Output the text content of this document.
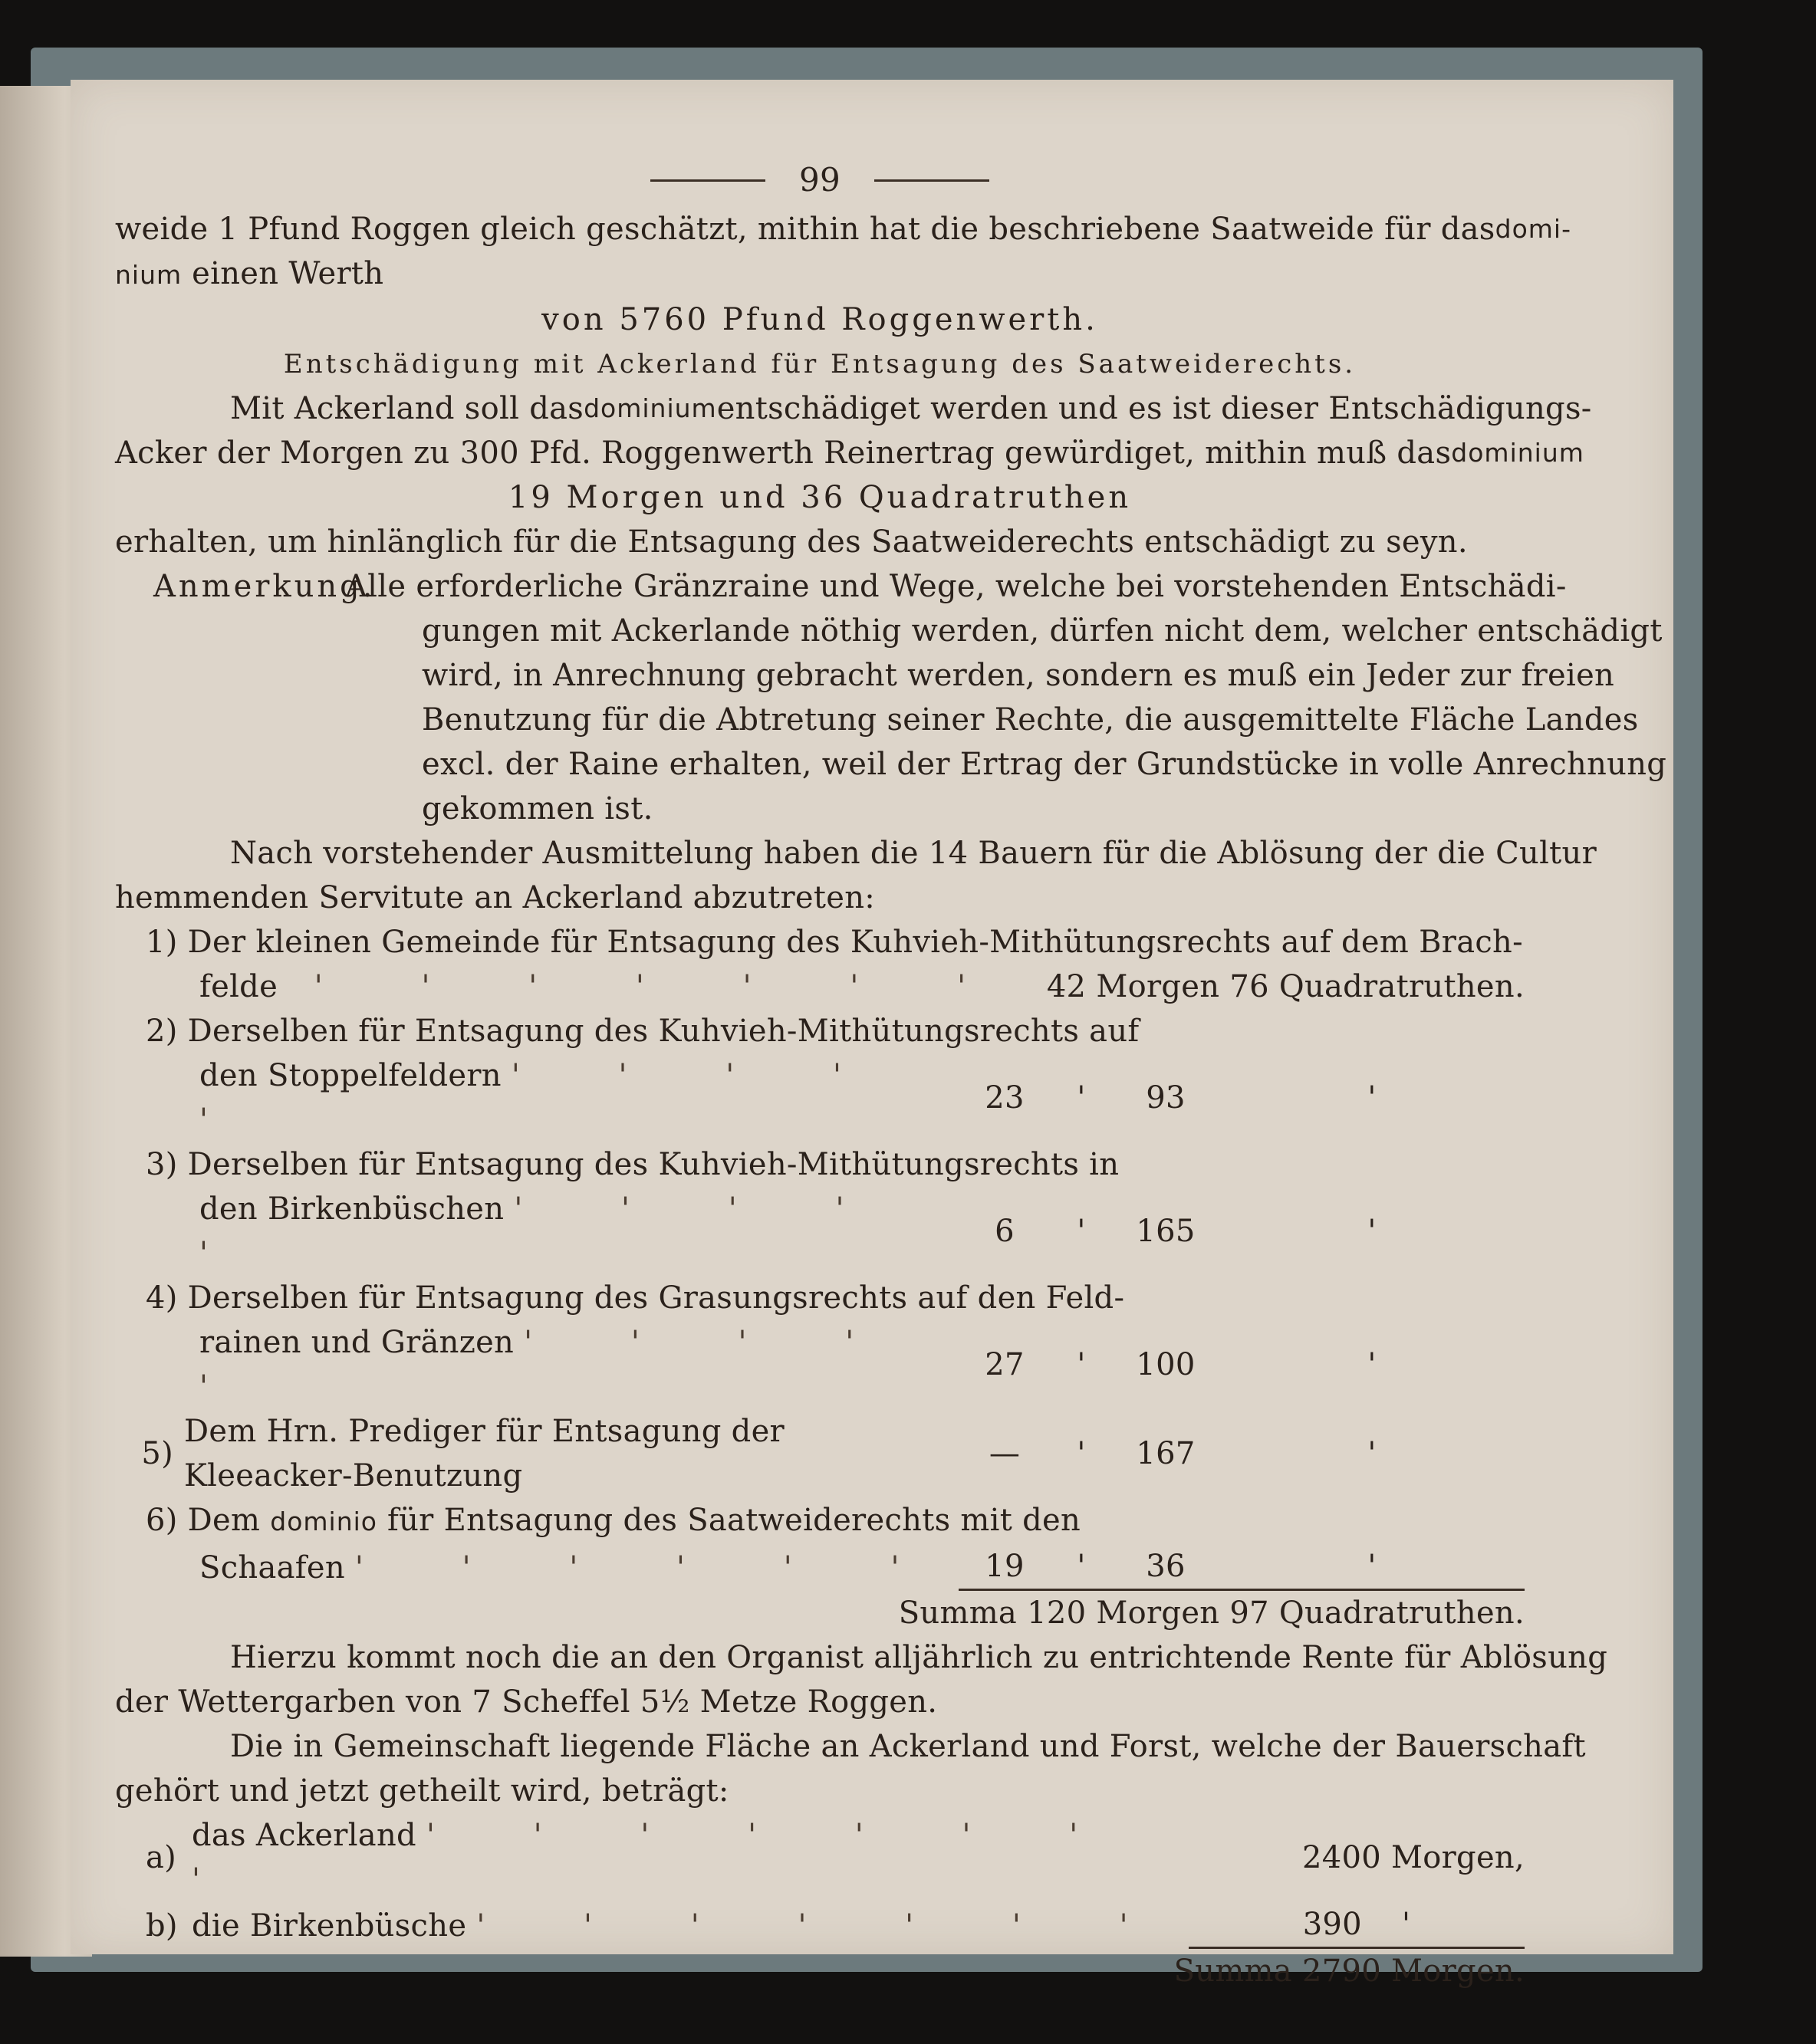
99
weide 1 Pfund Roggen gleich geschätzt, mithin hat die beschriebene Saatweide für das domi-
nium einen Werth
von 5760 Pfund Roggenwerth.
Entschädigung mit Ackerland für Entsagung des Saatweiderechts.
Mit Ackerland soll das dominium entschädiget werden und es ist dieser Entschädigungs-
Acker der Morgen zu 300 Pfd. Roggenwerth Reinertrag gewürdiget, mithin muß das dominium
19 Morgen und 36 Quadratruthen
erhalten, um hinlänglich für die Entsagung des Saatweiderechts entschädigt zu seyn.
Anmerkung.Alle erforderliche Gränzraine und Wege, welche bei vorstehenden Entschädi-
gungen mit Ackerlande nöthig werden, dürfen nicht dem, welcher entschädigt
wird, in Anrechnung gebracht werden, sondern es muß ein Jeder zur freien
Benutzung für die Abtretung seiner Rechte, die ausgemittelte Fläche Landes
excl. der Raine erhalten, weil der Ertrag der Grundstücke in volle Anrechnung
gekommen ist.
Nach vorstehender Ausmittelung haben die 14 Bauern für die Ablösung der die Cultur
hemmenden Servitute an Ackerland abzutreten:
1) Der kleinen Gemeinde für Entsagung des Kuhvieh-Mithütungsrechts auf dem Brach-
felde ' ' ' ' ' ' ' 42 Morgen 76 Quadratruthen.
2) Derselben für Entsagung des Kuhvieh-Mithütungsrechts auf
den Stoppelfeldern ' ' ' ' '
23	'	93	'
3) Derselben für Entsagung des Kuhvieh-Mithütungsrechts in
den Birkenbüschen ' ' ' ' '
6	'	165	'
4) Derselben für Entsagung des Grasungsrechts auf den Feld-
rainen und Gränzen ' ' ' ' '
27	'	100	'
5)
Dem Hrn. Prediger für Entsagung der Kleeacker-Benutzung
—	'	167	'
6) Dem dominio für Entsagung des Saatweiderechts mit den
Schaafen ' ' ' ' ' '	19	'	36	'
Summa 120 Morgen 97 Quadratruthen.
Hierzu kommt noch die an den Organist alljährlich zu entrichtende Rente für Ablösung
der Wettergarben von 7 Scheffel 5½ Metze Roggen.
Die in Gemeinschaft liegende Fläche an Ackerland und Forst, welche der Bauerschaft
gehört und jetzt getheilt wird, beträgt:
a)
das Ackerland ' ' ' ' ' ' ' '
2400 Morgen,
b) die Birkenbüsche ' ' ' ' ' ' '	390    '
Summa 2790 Morgen.
